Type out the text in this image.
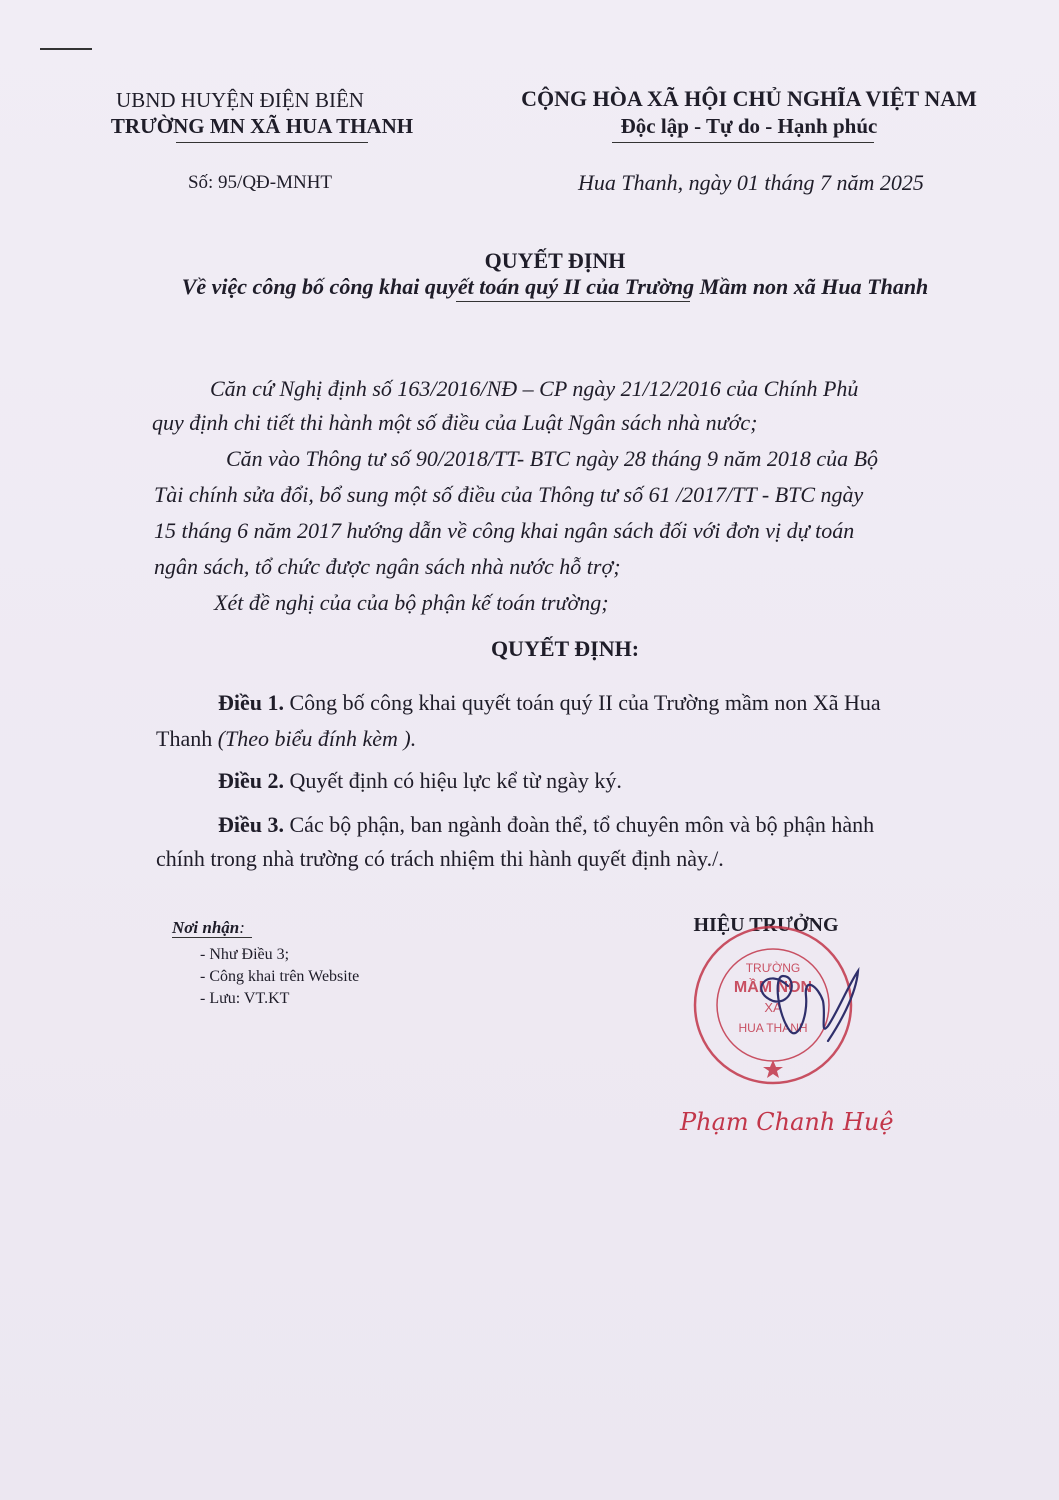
UBND HUYỆN ĐIỆN BIÊN
TRƯỜNG MN XÃ HUA THANH
CỘNG HÒA XÃ HỘI CHỦ NGHĨA VIỆT NAM
Độc lập - Tự do - Hạnh phúc
Số: 95/QĐ-MNHT	Hua Thanh, ngày 01 tháng 7 năm 2025
QUYẾT ĐỊNH
Về việc công bố công khai quyết toán quý II của Trường Mầm non xã Hua Thanh
Căn cứ Nghị định số 163/2016/NĐ – CP ngày 21/12/2016 của Chính Phủ
quy định chi tiết thi hành một số điều của Luật Ngân sách nhà nước;
Căn vào Thông tư số 90/2018/TT- BTC ngày 28 tháng 9 năm 2018 của Bộ
Tài chính sửa đổi, bổ sung một số điều của Thông tư số 61 /2017/TT - BTC ngày
15 tháng 6 năm 2017 hướng dẫn về công khai ngân sách đối với đơn vị dự toán
ngân sách, tổ chức được ngân sách nhà nước hỗ trợ;
Xét đề nghị của của bộ phận kế toán trường;
QUYẾT ĐỊNH:
Điều 1. Công bố công khai quyết toán quý II của Trường mầm non Xã Hua
Thanh (Theo biểu đính kèm ).
Điều 2. Quyết định có hiệu lực kể từ ngày ký.
Điều 3. Các bộ phận, ban ngành đoàn thể, tổ chuyên môn và bộ phận hành
chính trong nhà trường có trách nhiệm thi hành quyết định này./.
Nơi nhận:
- Như Điều 3;
- Công khai trên Website
- Lưu: VT.KT
HIỆU TRƯỞNG
TRƯỜNG
MẦM NON
XÃ
HUA THANH
Phạm Chanh Huệ
